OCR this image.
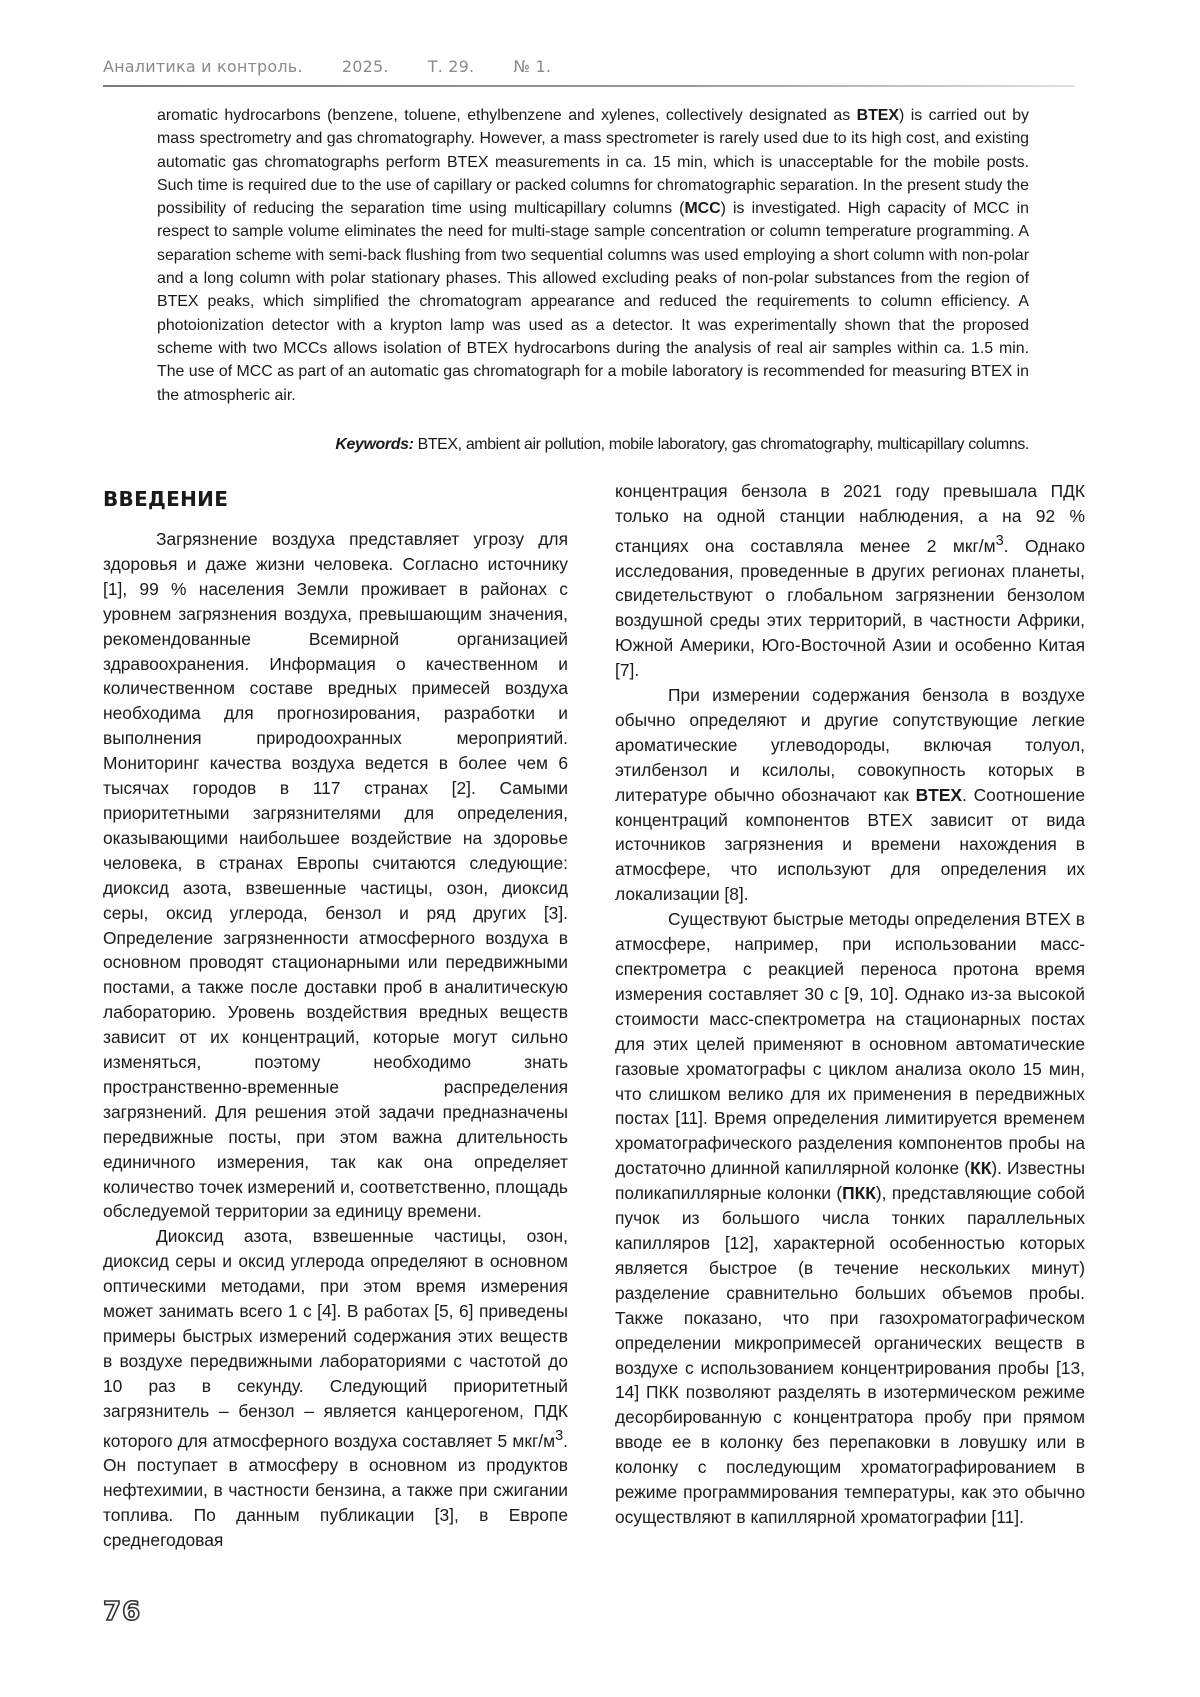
Аналитика и контроль. 2025. Т. 29. № 1.

aromatic hydrocarbons (benzene, toluene, ethylbenzene and xylenes, collectively designated as BTEX) is carried out by mass spectrometry and gas chromatography. However, a mass spectrometer is rarely used due to its high cost, and existing automatic gas chromatographs perform BTEX measurements in ca. 15 min, which is unacceptable for the mobile posts. Such time is required due to the use of capillary or packed columns for chromatographic separation. In the present study the possibility of reducing the separation time using multicapillary columns (MCC) is investigated. High capacity of MCC in respect to sample volume eliminates the need for multi-stage sample concentration or column temperature programming. A separation scheme with semi-back flushing from two sequential columns was used employing a short column with non-polar and a long column with polar stationary phases. This allowed excluding peaks of non-polar substances from the region of BTEX peaks, which simplified the chromatogram appearance and reduced the requirements to column efficiency. A photoionization detector with a krypton lamp was used as a detector. It was experimentally shown that the proposed scheme with two MCCs allows isolation of BTEX hydrocarbons during the analysis of real air samples within ca. 1.5 min. The use of MCC as part of an automatic gas chromatograph for a mobile laboratory is recommended for measuring BTEX in the atmospheric air.

Keywords: BTEX, ambient air pollution, mobile laboratory, gas chromatography, multicapillary columns.

ВВЕДЕНИЕ

Загрязнение воздуха представляет угрозу для здоровья и даже жизни человека. Согласно источнику [1], 99 % населения Земли проживает в районах с уровнем загрязнения воздуха, превышающим значения, рекомендованные Всемирной организацией здравоохранения. Информация о качественном и количественном составе вредных примесей воздуха необходима для прогнозирования, разработки и выполнения природоохранных мероприятий. Мониторинг качества воздуха ведется в более чем 6 тысячах городов в 117 странах [2]. Самыми приоритетными загрязнителями для определения, оказывающими наибольшее воздействие на здоровье человека, в странах Европы считаются следующие: диоксид азота, взвешенные частицы, озон, диоксид серы, оксид углерода, бензол и ряд других [3]. Определение загрязненности атмосферного воздуха в основном проводят стационарными или передвижными постами, а также после доставки проб в аналитическую лабораторию. Уровень воздействия вредных веществ зависит от их концентраций, которые могут сильно изменяться, поэтому необходимо знать пространственно-временные распределения загрязнений. Для решения этой задачи предназначены передвижные посты, при этом важна длительность единичного измерения, так как она определяет количество точек измерений и, соответственно, площадь обследуемой территории за единицу времени.

Диоксид азота, взвешенные частицы, озон, диоксид серы и оксид углерода определяют в основном оптическими методами, при этом время измерения может занимать всего 1 с [4]. В работах [5, 6] приведены примеры быстрых измерений содержания этих веществ в воздухе передвижными лабораториями с частотой до 10 раз в секунду. Следующий приоритетный загрязнитель – бензол – является канцерогеном, ПДК которого для атмосферного воздуха составляет 5 мкг/$м^3$. Он поступает в атмосферу в основном из продуктов нефтехимии, в частности бензина, а также при сжигании топлива. По данным публикации [3], в Европе среднегодовая

концентрация бензола в 2021 году превышала ПДК только на одной станции наблюдения, а на 92 % станциях она составляла менее 2 мкг/$м^3$. Однако исследования, проведенные в других регионах планеты, свидетельствуют о глобальном загрязнении бензолом воздушной среды этих территорий, в частности Африки, Южной Америки, Юго-Восточной Азии и особенно Китая [7].

При измерении содержания бензола в воздухе обычно определяют и другие сопутствующие легкие ароматические углеводороды, включая толуол, этилбензол и ксилолы, совокупность которых в литературе обычно обозначают как BTEX. Соотношение концентраций компонентов BTEX зависит от вида источников загрязнения и времени нахождения в атмосфере, что используют для определения их локализации [8].

Существуют быстрые методы определения BTEX в атмосфере, например, при использовании масс-спектрометра с реакцией переноса протона время измерения составляет 30 с [9, 10]. Однако из-за высокой стоимости масс-спектрометра на стационарных постах для этих целей применяют в основном автоматические газовые хроматографы с циклом анализа около 15 мин, что слишком велико для их применения в передвижных постах [11]. Время определения лимитируется временем хроматографического разделения компонентов пробы на достаточно длинной капиллярной колонке (КК). Известны поликапиллярные колонки (ПКК), представляющие собой пучок из большого числа тонких параллельных капилляров [12], характерной особенностью которых является быстрое (в течение нескольких минут) разделение сравнительно больших объемов пробы. Также показано, что при газохроматографическом определении микропримесей органических веществ в воздухе с использованием концентрирования пробы [13, 14] ПКК позволяют разделять в изотермическом режиме десорбированную с концентратора пробу при прямом вводе ее в колонку без перепаковки в ловушку или в колонку с последующим хроматографированием в режиме программирования температуры, как это обычно осуществляют в капиллярной хроматографии [11].

76
